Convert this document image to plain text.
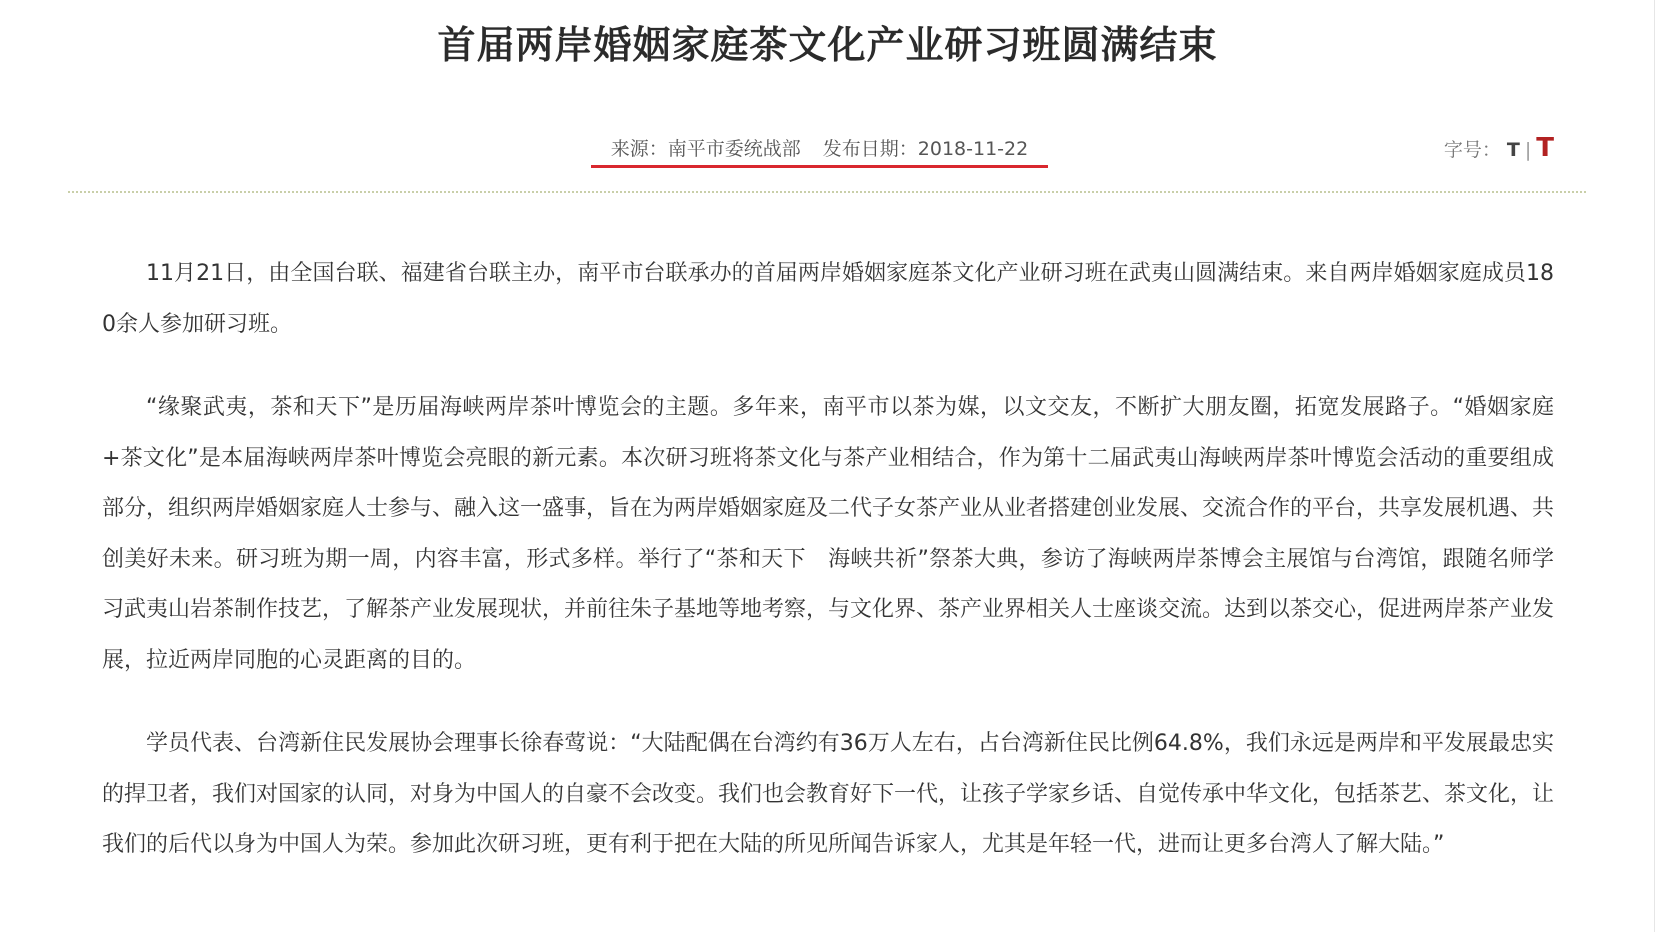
首届两岸婚姻家庭茶文化产业研习班圆满结束
来源：南平市委统战部 发布日期：2018-11-22	字号： T | T

11月21日，由全国台联、福建省台联主办，南平市台联承办的首届两岸婚姻家庭茶文化产业研习班在武夷山圆满结束。来自两岸婚姻家庭成员180余人参加研习班。

“缘聚武夷，茶和天下”是历届海峡两岸茶叶博览会的主题。多年来，南平市以茶为媒，以文交友，不断扩大朋友圈，拓宽发展路子。“婚姻家庭+茶文化”是本届海峡两岸茶叶博览会亮眼的新元素。本次研习班将茶文化与茶产业相结合，作为第十二届武夷山海峡两岸茶叶博览会活动的重要组成部分，组织两岸婚姻家庭人士参与、融入这一盛事，旨在为两岸婚姻家庭及二代子女茶产业从业者搭建创业发展、交流合作的平台，共享发展机遇、共创美好未来。研习班为期一周，内容丰富，形式多样。举行了“茶和天下　海峡共祈”祭茶大典，参访了海峡两岸茶博会主展馆与台湾馆，跟随名师学习武夷山岩茶制作技艺，了解茶产业发展现状，并前往朱子基地等地考察，与文化界、茶产业界相关人士座谈交流。达到以茶交心，促进两岸茶产业发展，拉近两岸同胞的心灵距离的目的。

学员代表、台湾新住民发展协会理事长徐春莺说：“大陆配偶在台湾约有36万人左右，占台湾新住民比例64.8%，我们永远是两岸和平发展最忠实的捍卫者，我们对国家的认同，对身为中国人的自豪不会改变。我们也会教育好下一代，让孩子学家乡话、自觉传承中华文化，包括茶艺、茶文化，让我们的后代以身为中国人为荣。参加此次研习班，更有利于把在大陆的所见所闻告诉家人，尤其是年轻一代，进而让更多台湾人了解大陆。”
